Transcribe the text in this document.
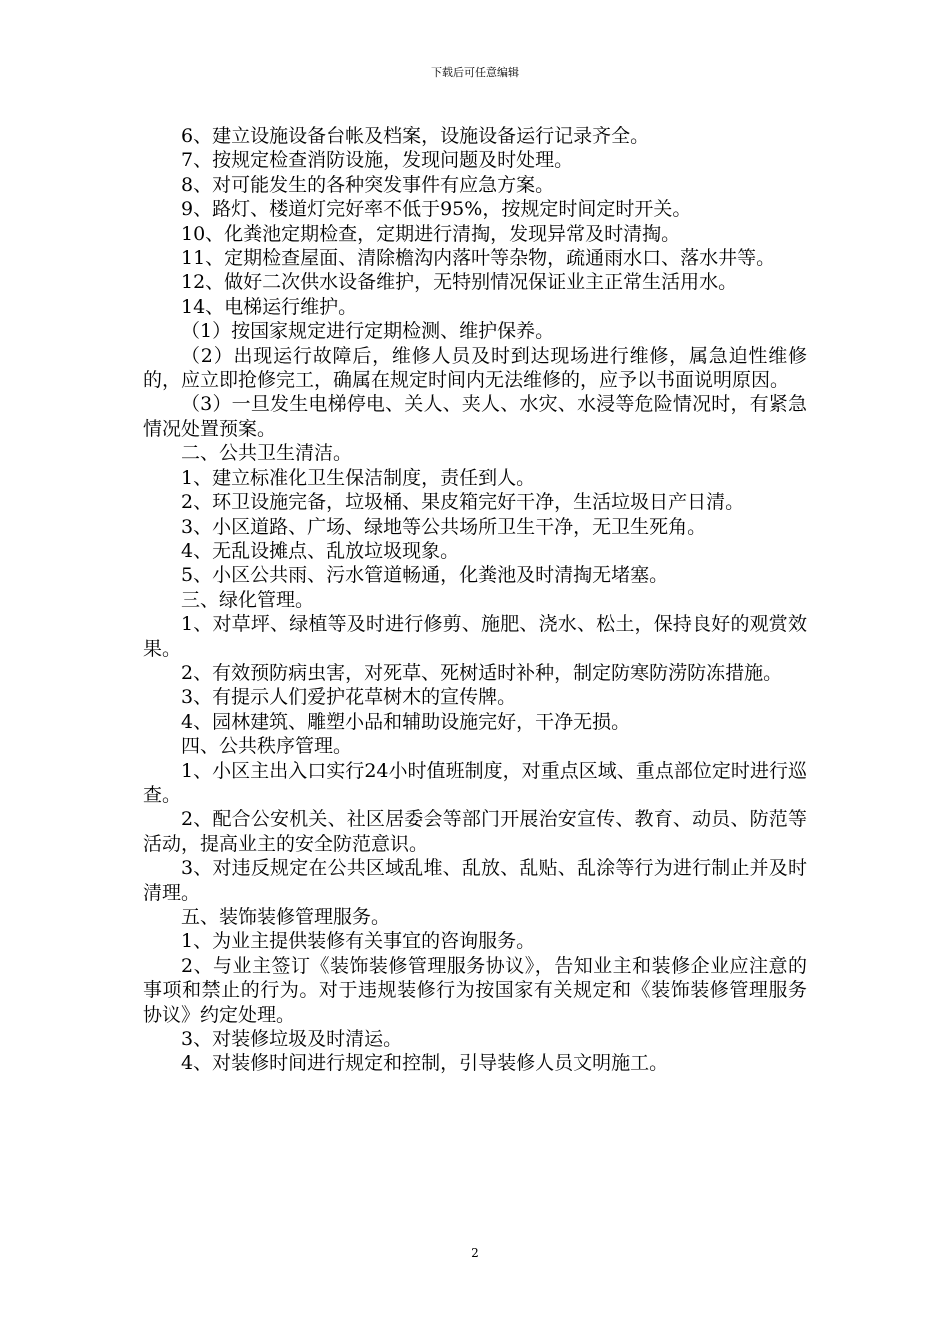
下载后可任意编辑

6、建立设施设备台帐及档案，设施设备运行记录齐全。

7、按规定检查消防设施，发现问题及时处理。

8、对可能发生的各种突发事件有应急方案。

9、路灯、楼道灯完好率不低于95%，按规定时间定时开关。

10、化粪池定期检查，定期进行清掏，发现异常及时清掏。

11、定期检查屋面、清除檐沟内落叶等杂物，疏通雨水口、落水井等。

12、做好二次供水设备维护，无特别情况保证业主正常生活用水。

14、电梯运行维护。

（1）按国家规定进行定期检测、维护保养。

（2）出现运行故障后，维修人员及时到达现场进行维修，属急迫性维修的，应立即抢修完工，确属在规定时间内无法维修的，应予以书面说明原因。

（3）一旦发生电梯停电、关人、夹人、水灾、水浸等危险情况时，有紧急情况处置预案。

二、公共卫生清洁。

1、建立标准化卫生保洁制度，责任到人。

2、环卫设施完备，垃圾桶、果皮箱完好干净，生活垃圾日产日清。

3、小区道路、广场、绿地等公共场所卫生干净，无卫生死角。

4、无乱设摊点、乱放垃圾现象。

5、小区公共雨、污水管道畅通，化粪池及时清掏无堵塞。

三、绿化管理。

1、对草坪、绿植等及时进行修剪、施肥、浇水、松土，保持良好的观赏效果。

2、有效预防病虫害，对死草、死树适时补种，制定防寒防涝防冻措施。

3、有提示人们爱护花草树木的宣传牌。

4、园林建筑、雕塑小品和辅助设施完好，干净无损。

四、公共秩序管理。

1、小区主出入口实行24小时值班制度，对重点区域、重点部位定时进行巡查。

2、配合公安机关、社区居委会等部门开展治安宣传、教育、动员、防范等活动，提高业主的安全防范意识。

3、对违反规定在公共区域乱堆、乱放、乱贴、乱涂等行为进行制止并及时清理。

五、装饰装修管理服务。

1、为业主提供装修有关事宜的咨询服务。

2、与业主签订《装饰装修管理服务协议》，告知业主和装修企业应注意的事项和禁止的行为。对于违规装修行为按国家有关规定和《装饰装修管理服务协议》约定处理。

3、对装修垃圾及时清运。

4、对装修时间进行规定和控制，引导装修人员文明施工。

2
